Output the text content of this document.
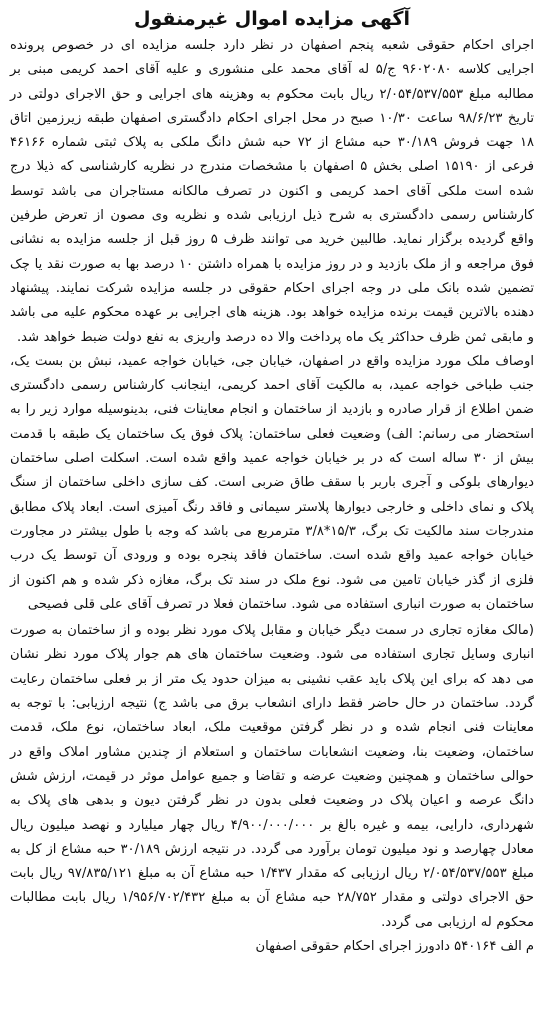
آگهی مزایده اموال غیرمنقول

اجرای احکام حقوقی شعبه پنجم اصفهان در نظر دارد جلسه مزایده ای در خصوص پرونده اجرایی کلاسه ۹۶۰۲۰۸۰ ج/۵ له آقای محمد علی منشوری و علیه آقای احمد کریمی مبنی بر مطالبه مبلغ ۲/۰۵۴/۵۳۷/۵۵۳ ریال بابت محکوم به وهزینه های اجرایی و حق الاجرای دولتی در تاریخ ۹۸/۶/۲۳ ساعت ۱۰/۳۰ صبح در محل اجرای احکام دادگستری اصفهان طبقه زیرزمین اتاق ۱۸ جهت فروش ۳۰/۱۸۹ حبه مشاع از ۷۲ حبه شش دانگ ملکی به پلاک ثبتی شماره ۴۶۱۶۶ فرعی از ۱۵۱۹۰ اصلی بخش ۵ اصفهان با مشخصات مندرج در نظریه کارشناسی که ذیلا درج شده است ملکی آقای احمد کریمی و اکنون در تصرف مالکانه مستاجران می باشد توسط کارشناس رسمی دادگستری به شرح ذیل ارزیابی شده و نظریه وی مصون از تعرض طرفین واقع گردیده برگزار نماید. طالبین خرید می توانند ظرف ۵ روز قبل از جلسه مزایده به نشانی فوق مراجعه و از ملک بازدید و در روز مزایده با همراه داشتن ۱۰ درصد بها به صورت نقد یا چک تضمین شده بانک ملی در وجه اجرای احکام حقوقی در جلسه مزایده شرکت نمایند. پیشنهاد دهنده بالاترین قیمت برنده مزایده خواهد بود. هزینه های اجرایی بر عهده محکوم علیه می باشد و مابقی ثمن ظرف حداکثر یک ماه پرداخت والا ده درصد واریزی به نفع دولت ضبط خواهد شد.

اوصاف ملک مورد مزایده واقع در اصفهان، خیابان جی، خیابان خواجه عمید، نبش بن بست یک، جنب طباخی خواجه عمید، به مالکیت آقای احمد کریمی، اینجانب کارشناس رسمی دادگستری ضمن اطلاع از قرار صادره و بازدید از ساختمان و انجام معاینات فنی، بدینوسیله موارد زیر را به استحضار می رسانم: الف) وضعیت فعلی ساختمان: پلاک فوق یک ساختمان یک طبقه با قدمت بیش از ۳۰ ساله است که در بر خیابان خواجه عمید واقع شده است. اسکلت اصلی ساختمان دیوارهای بلوکی و آجری باربر با سقف طاق ضربی است. کف سازی داخلی ساختمان از سنگ پلاک و نمای داخلی و خارجی دیوارها پلاستر سیمانی و فاقد رنگ آمیزی است. ابعاد پلاک مطابق مندرجات سند مالکیت تک برگ، ۱۵/۳*۳/۸ مترمربع می باشد که وجه با طول بیشتر در مجاورت خیابان خواجه عمید واقع شده است. ساختمان فاقد پنجره بوده و ورودی آن توسط یک درب فلزی از گذر خیابان تامین می شود. نوع ملک در سند تک برگ، مغازه ذکر شده و هم اکنون از ساختمان به صورت انباری استفاده می شود. ساختمان فعلا در تصرف آقای علی قلی فصیحی

(مالک مغازه تجاری در سمت دیگر خیابان و مقابل پلاک مورد نظر بوده و از ساختمان به صورت انباری وسایل تجاری استفاده می شود. وضعیت ساختمان های هم جوار پلاک مورد نظر نشان می دهد که برای این پلاک باید عقب نشینی به میزان حدود یک متر از بر فعلی ساختمان رعایت گردد. ساختمان در حال حاضر فقط دارای انشعاب برق می باشد ج) نتیجه ارزیابی: با توجه به معاینات فنی انجام شده و در نظر گرفتن موقعیت ملک، ابعاد ساختمان، نوع ملک، قدمت ساختمان، وضعیت بنا، وضعیت انشعابات ساختمان و استعلام از چندین مشاور املاک واقع در حوالی ساختمان و همچنین وضعیت عرضه و تقاضا و جمیع عوامل موثر در قیمت، ارزش شش دانگ عرصه و اعیان پلاک در وضعیت فعلی بدون در نظر گرفتن دیون و بدهی های پلاک به شهرداری، دارایی، بیمه و غیره بالغ بر ۴/۹۰۰/۰۰۰/۰۰۰ ریال چهار میلیارد و نهصد میلیون ریال معادل چهارصد و نود میلیون تومان برآورد می گردد. در نتیجه ارزش ۳۰/۱۸۹ حبه مشاع از کل به مبلغ ۲/۰۵۴/۵۳۷/۵۵۳ ریال ارزیابی که مقدار ۱/۴۳۷ حبه مشاع آن به مبلغ ۹۷/۸۳۵/۱۲۱ ریال بابت حق الاجرای دولتی و مقدار ۲۸/۷۵۲ حبه مشاع آن به مبلغ ۱/۹۵۶/۷۰۲/۴۳۲ ریال بابت مطالبات محکوم له ارزیابی می گردد.

م الف ۵۴۰۱۶۴ دادورز اجرای احکام حقوقی اصفهان
